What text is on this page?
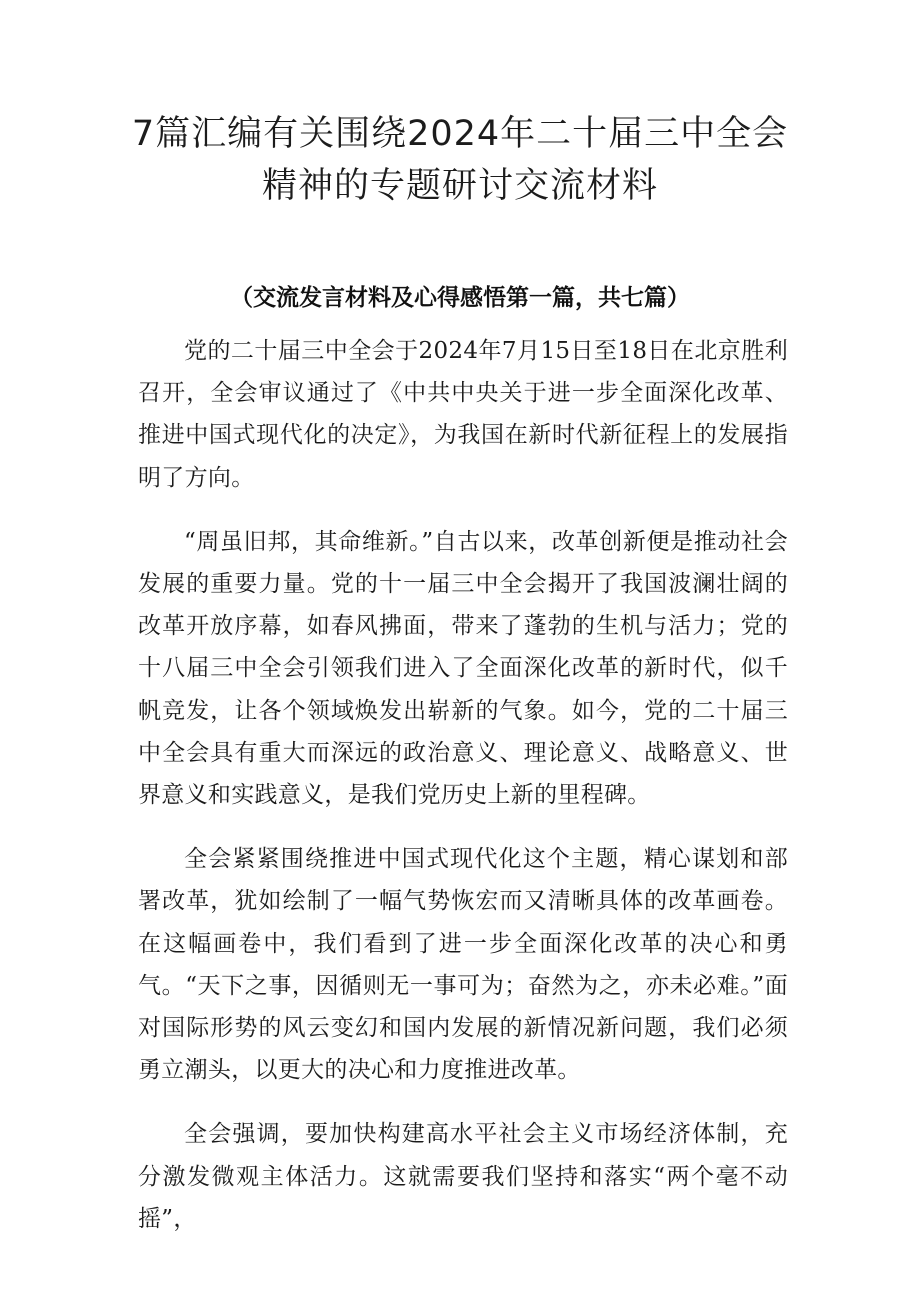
7篇汇编有关围绕2024年二十届三中全会
精神的专题研讨交流材料
（交流发言材料及心得感悟第一篇，共七篇）

党的二十届三中全会于2024年7月15日至18日在北京胜利召开，全会审议通过了《中共中央关于进一步全面深化改革、推进中国式现代化的决定》，为我国在新时代新征程上的发展指明了方向。

“周虽旧邦，其命维新。”自古以来，改革创新便是推动社会发展的重要力量。党的十一届三中全会揭开了我国波澜壮阔的改革开放序幕，如春风拂面，带来了蓬勃的生机与活力；党的十八届三中全会引领我们进入了全面深化改革的新时代，似千帆竞发，让各个领域焕发出崭新的气象。如今，党的二十届三中全会具有重大而深远的政治意义、理论意义、战略意义、世界意义和实践意义，是我们党历史上新的里程碑。

全会紧紧围绕推进中国式现代化这个主题，精心谋划和部署改革，犹如绘制了一幅气势恢宏而又清晰具体的改革画卷。在这幅画卷中，我们看到了进一步全面深化改革的决心和勇气。“天下之事，因循则无一事可为；奋然为之，亦未必难。”面对国际形势的风云变幻和国内发展的新情况新问题，我们必须勇立潮头，以更大的决心和力度推进改革。

全会强调，要加快构建高水平社会主义市场经济体制，充分激发微观主体活力。这就需要我们坚持和落实“两个毫不动摇”，
